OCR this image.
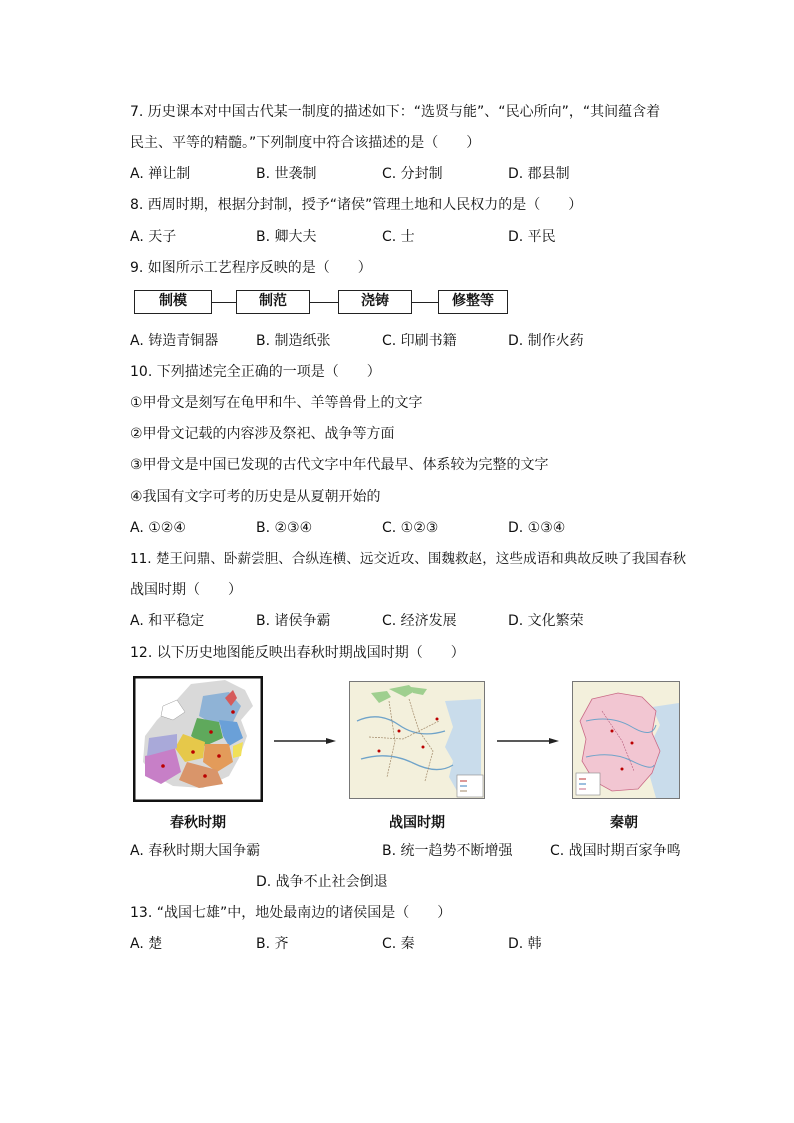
7. 历史课本对中国古代某一制度的描述如下：“选贤与能”、“民心所向”，“其间蕴含着
民主、平等的精髓。”下列制度中符合该描述的是（　　）
A. 禅让制	B. 世袭制	C. 分封制	D. 郡县制
8. 西周时期，根据分封制，授予“诸侯”管理土地和人民权力的是（　　）
A. 天子	B. 卿大夫	C. 士	D. 平民
9. 如图所示工艺程序反映的是（　　）
制模	制范	浇铸	修整等
A. 铸造青铜器	B. 制造纸张	C. 印刷书籍	D. 制作火药
10. 下列描述完全正确的一项是（　　）
①甲骨文是刻写在龟甲和牛、羊等兽骨上的文字
②甲骨文记载的内容涉及祭祀、战争等方面
③甲骨文是中国已发现的古代文字中年代最早、体系较为完整的文字
④我国有文字可考的历史是从夏朝开始的
A. ①②④	B. ②③④	C. ①②③	D. ①③④
11. 楚王问鼎、卧薪尝胆、合纵连横、远交近攻、围魏救赵，这些成语和典故反映了我国春秋
战国时期（　　）
A. 和平稳定	B. 诸侯争霸	C. 经济发展	D. 文化繁荣
12. 以下历史地图能反映出春秋时期战国时期（　　）
春秋时期	战国时期	秦朝
A. 春秋时期大国争霸	B. 统一趋势不断增强	C. 战国时期百家争鸣
D. 战争不止社会倒退
13. “战国七雄”中，地处最南边的诸侯国是（　　）
A. 楚	B. 齐	C. 秦	D. 韩
